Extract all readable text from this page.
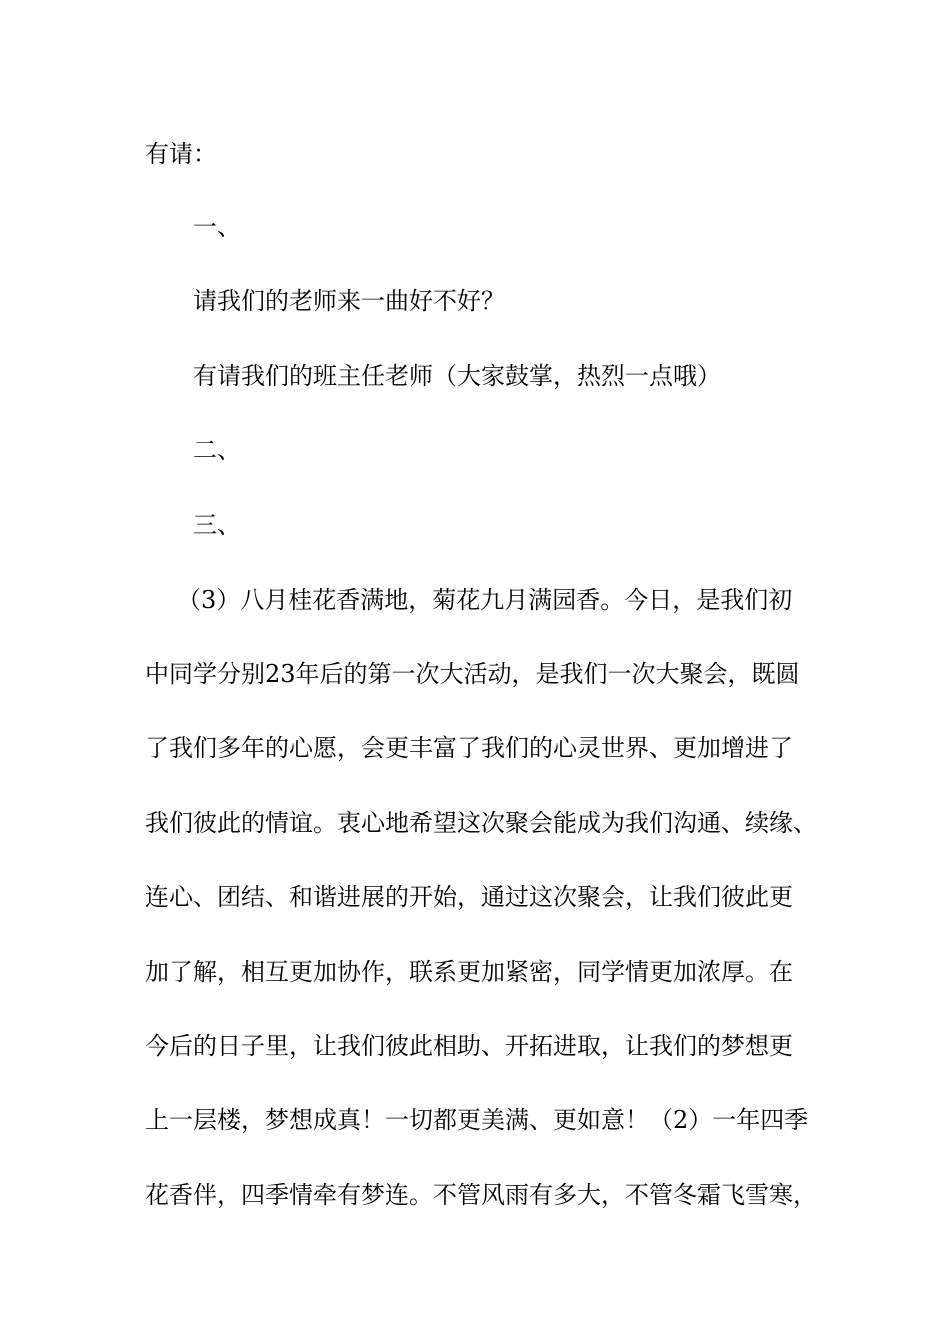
有请：

一、

请我们的老师来一曲好不好？

有请我们的班主任老师（大家鼓掌，热烈一点哦）

二、

三、

（3）八月桂花香满地，菊花九月满园香。今日，是我们初

中同学分别23年后的第一次大活动，是我们一次大聚会，既圆

了我们多年的心愿，会更丰富了我们的心灵世界、更加增进了

我们彼此的情谊。衷心地希望这次聚会能成为我们沟通、续缘、

连心、团结、和谐进展的开始，通过这次聚会，让我们彼此更

加了解，相互更加协作，联系更加紧密，同学情更加浓厚。在

今后的日子里，让我们彼此相助、开拓进取，让我们的梦想更

上一层楼，梦想成真！一切都更美满、更如意！（2）一年四季

花香伴，四季情牵有梦连。不管风雨有多大，不管冬霜飞雪寒，
